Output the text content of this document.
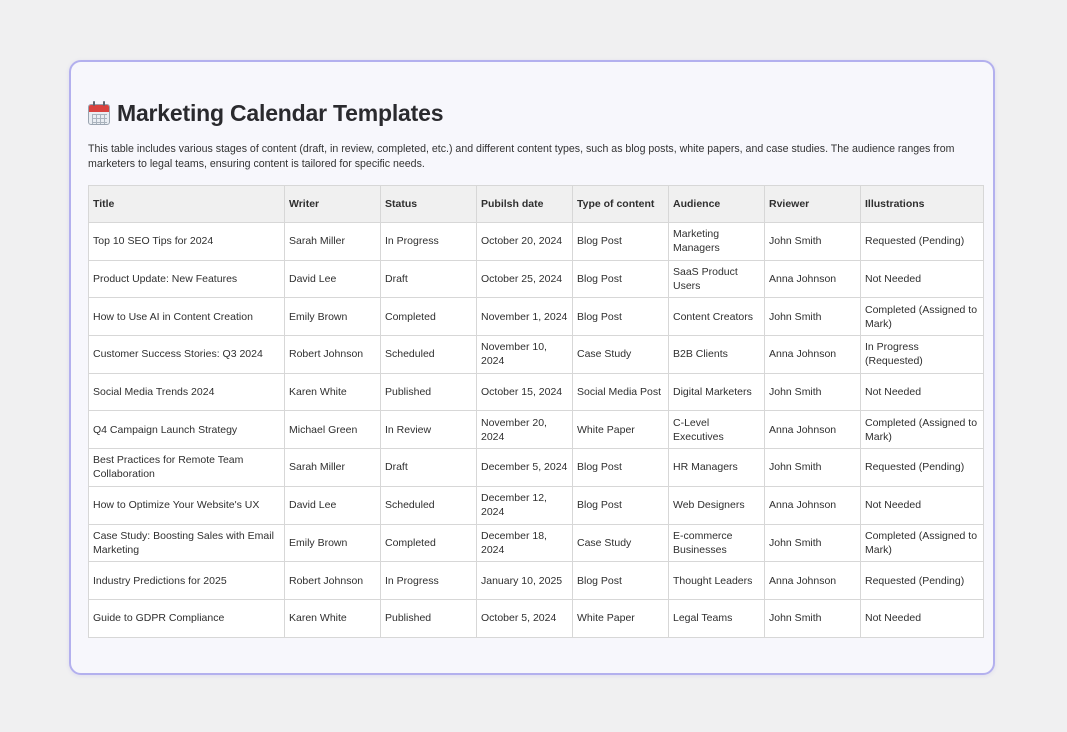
Marketing Calendar Templates
This table includes various stages of content (draft, in review, completed, etc.) and different content types, such as blog posts, white papers, and case studies. The audience ranges from marketers to legal teams, ensuring content is tailored for specific needs.
Title	Writer	Status	Pubilsh date	Type of content	Audience	Rviewer	Illustrations
Top 10 SEO Tips for 2024	Sarah Miller	In Progress	October 20, 2024	Blog Post	Marketing Managers	John Smith	Requested (Pending)
Product Update: New Features	David Lee	Draft	October 25, 2024	Blog Post	SaaS Product Users	Anna Johnson	Not Needed
How to Use AI in Content Creation	Emily Brown	Completed	November 1, 2024	Blog Post	Content Creators	John Smith	Completed (Assigned to Mark)
Customer Success Stories: Q3 2024	Robert Johnson	Scheduled	November 10, 2024	Case Study	B2B Clients	Anna Johnson	In Progress (Requested)
Social Media Trends 2024	Karen White	Published	October 15, 2024	Social Media Post	Digital Marketers	John Smith	Not Needed
Q4 Campaign Launch Strategy	Michael Green	In Review	November 20, 2024	White Paper	C-Level Executives	Anna Johnson	Completed (Assigned to Mark)
Best Practices for Remote Team Collaboration	Sarah Miller	Draft	December 5, 2024	Blog Post	HR Managers	John Smith	Requested (Pending)
How to Optimize Your Website's UX	David Lee	Scheduled	December 12, 2024	Blog Post	Web Designers	Anna Johnson	Not Needed
Case Study: Boosting Sales with Email Marketing	Emily Brown	Completed	December 18, 2024	Case Study	E-commerce Businesses	John Smith	Completed (Assigned to Mark)
Industry Predictions for 2025	Robert Johnson	In Progress	January 10, 2025	Blog Post	Thought Leaders	Anna Johnson	Requested (Pending)
Guide to GDPR Compliance	Karen White	Published	October 5, 2024	White Paper	Legal Teams	John Smith	Not Needed
